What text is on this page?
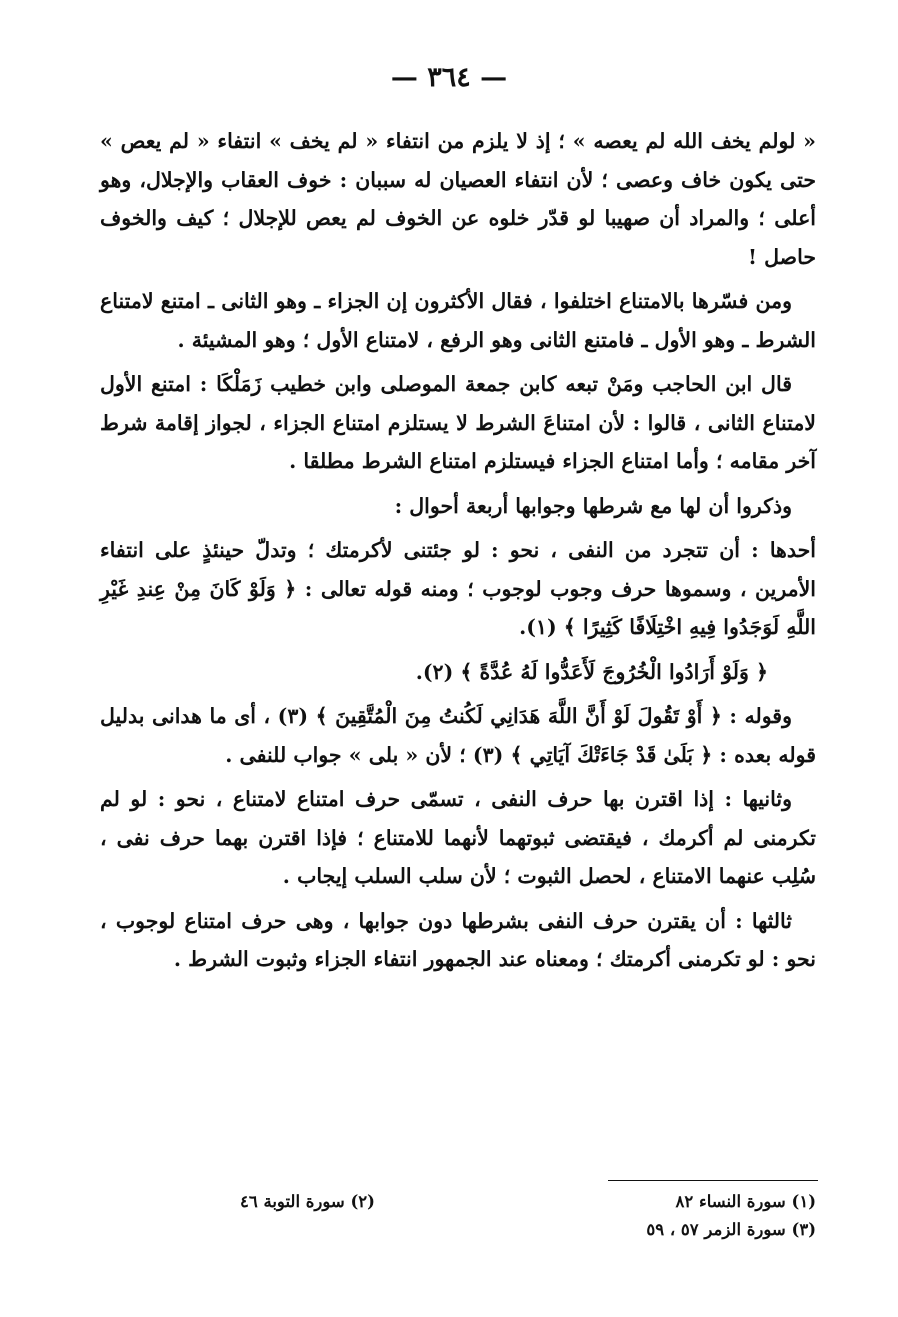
— ٣٦٤ —

« لولم يخف الله لم يعصه » ؛ إذ لا يلزم من انتفاء « لم يخف » انتفاء « لم يعص » حتى يكون خاف وعصى ؛ لأن انتفاء العصيان له سببان : خوف العقاب والإجلال، وهو أعلى ؛ والمراد أن صهيبا لو قدّر خلوه عن الخوف لم يعص للإجلال ؛ كيف والخوف حاصل !

ومن فسّرها بالامتناع اختلفوا ، فقال الأكثرون إن الجزاء ـ وهو الثانى ـ امتنع لامتناع الشرط ـ وهو الأول ـ فامتنع الثانى وهو الرفع ، لامتناع الأول ؛ وهو المشيئة .

قال ابن الحاجب ومَنْ تبعه كابن جمعة الموصلى وابن خطيب زَمَلْكَا : امتنع الأول لامتناع الثانى ، قالوا : لأن امتناعَ الشرط لا يستلزم امتناع الجزاء ، لجواز إقامة شرط آخر مقامه ؛ وأما امتناع الجزاء فيستلزم امتناع الشرط مطلقا .

وذكروا أن لها مع شرطها وجوابها أربعة أحوال :

أحدها : أن تتجرد من النفى ، نحو : لو جئتنى لأكرمتك ؛ وتدلّ حينئذٍ على انتفاء الأمرين ، وسموها حرف وجوب لوجوب ؛ ومنه قوله تعالى : ﴿ وَلَوْ كَانَ مِنْ عِندِ غَيْرِ اللَّهِ لَوَجَدُوا فِيهِ اخْتِلَافًا كَثِيرًا ﴾ (١).

﴿ وَلَوْ أَرَادُوا الْخُرُوجَ لَأَعَدُّوا لَهُ عُدَّةً ﴾ (٢).

وقوله : ﴿ أَوْ تَقُولَ لَوْ أَنَّ اللَّهَ هَدَانِي لَكُنتُ مِنَ الْمُتَّقِينَ ﴾ (٣) ، أى ما هدانى بدليل قوله بعده : ﴿ بَلَىٰ قَدْ جَاءَتْكَ آيَاتِي ﴾ (٣) ؛ لأن « بلى » جواب للنفى .

وثانيها : إذا اقترن بها حرف النفى ، تسمّى حرف امتناع لامتناع ، نحو : لو لم تكرمنى لم أكرمك ، فيقتضى ثبوتهما لأنهما للامتناع ؛ فإذا اقترن بهما حرف نفى ، سُلِب عنهما الامتناع ، لحصل الثبوت ؛ لأن سلب السلب إيجاب .

ثالثها : أن يقترن حرف النفى بشرطها دون جوابها ، وهى حرف امتناع لوجوب ، نحو : لو تكرمنى أكرمتك ؛ ومعناه عند الجمهور انتفاء الجزاء وثبوت الشرط .

(١) سورة النساء ٨٢
(٢) سورة التوبة ٤٦
(٣) سورة الزمر ٥٧ ، ٥٩
